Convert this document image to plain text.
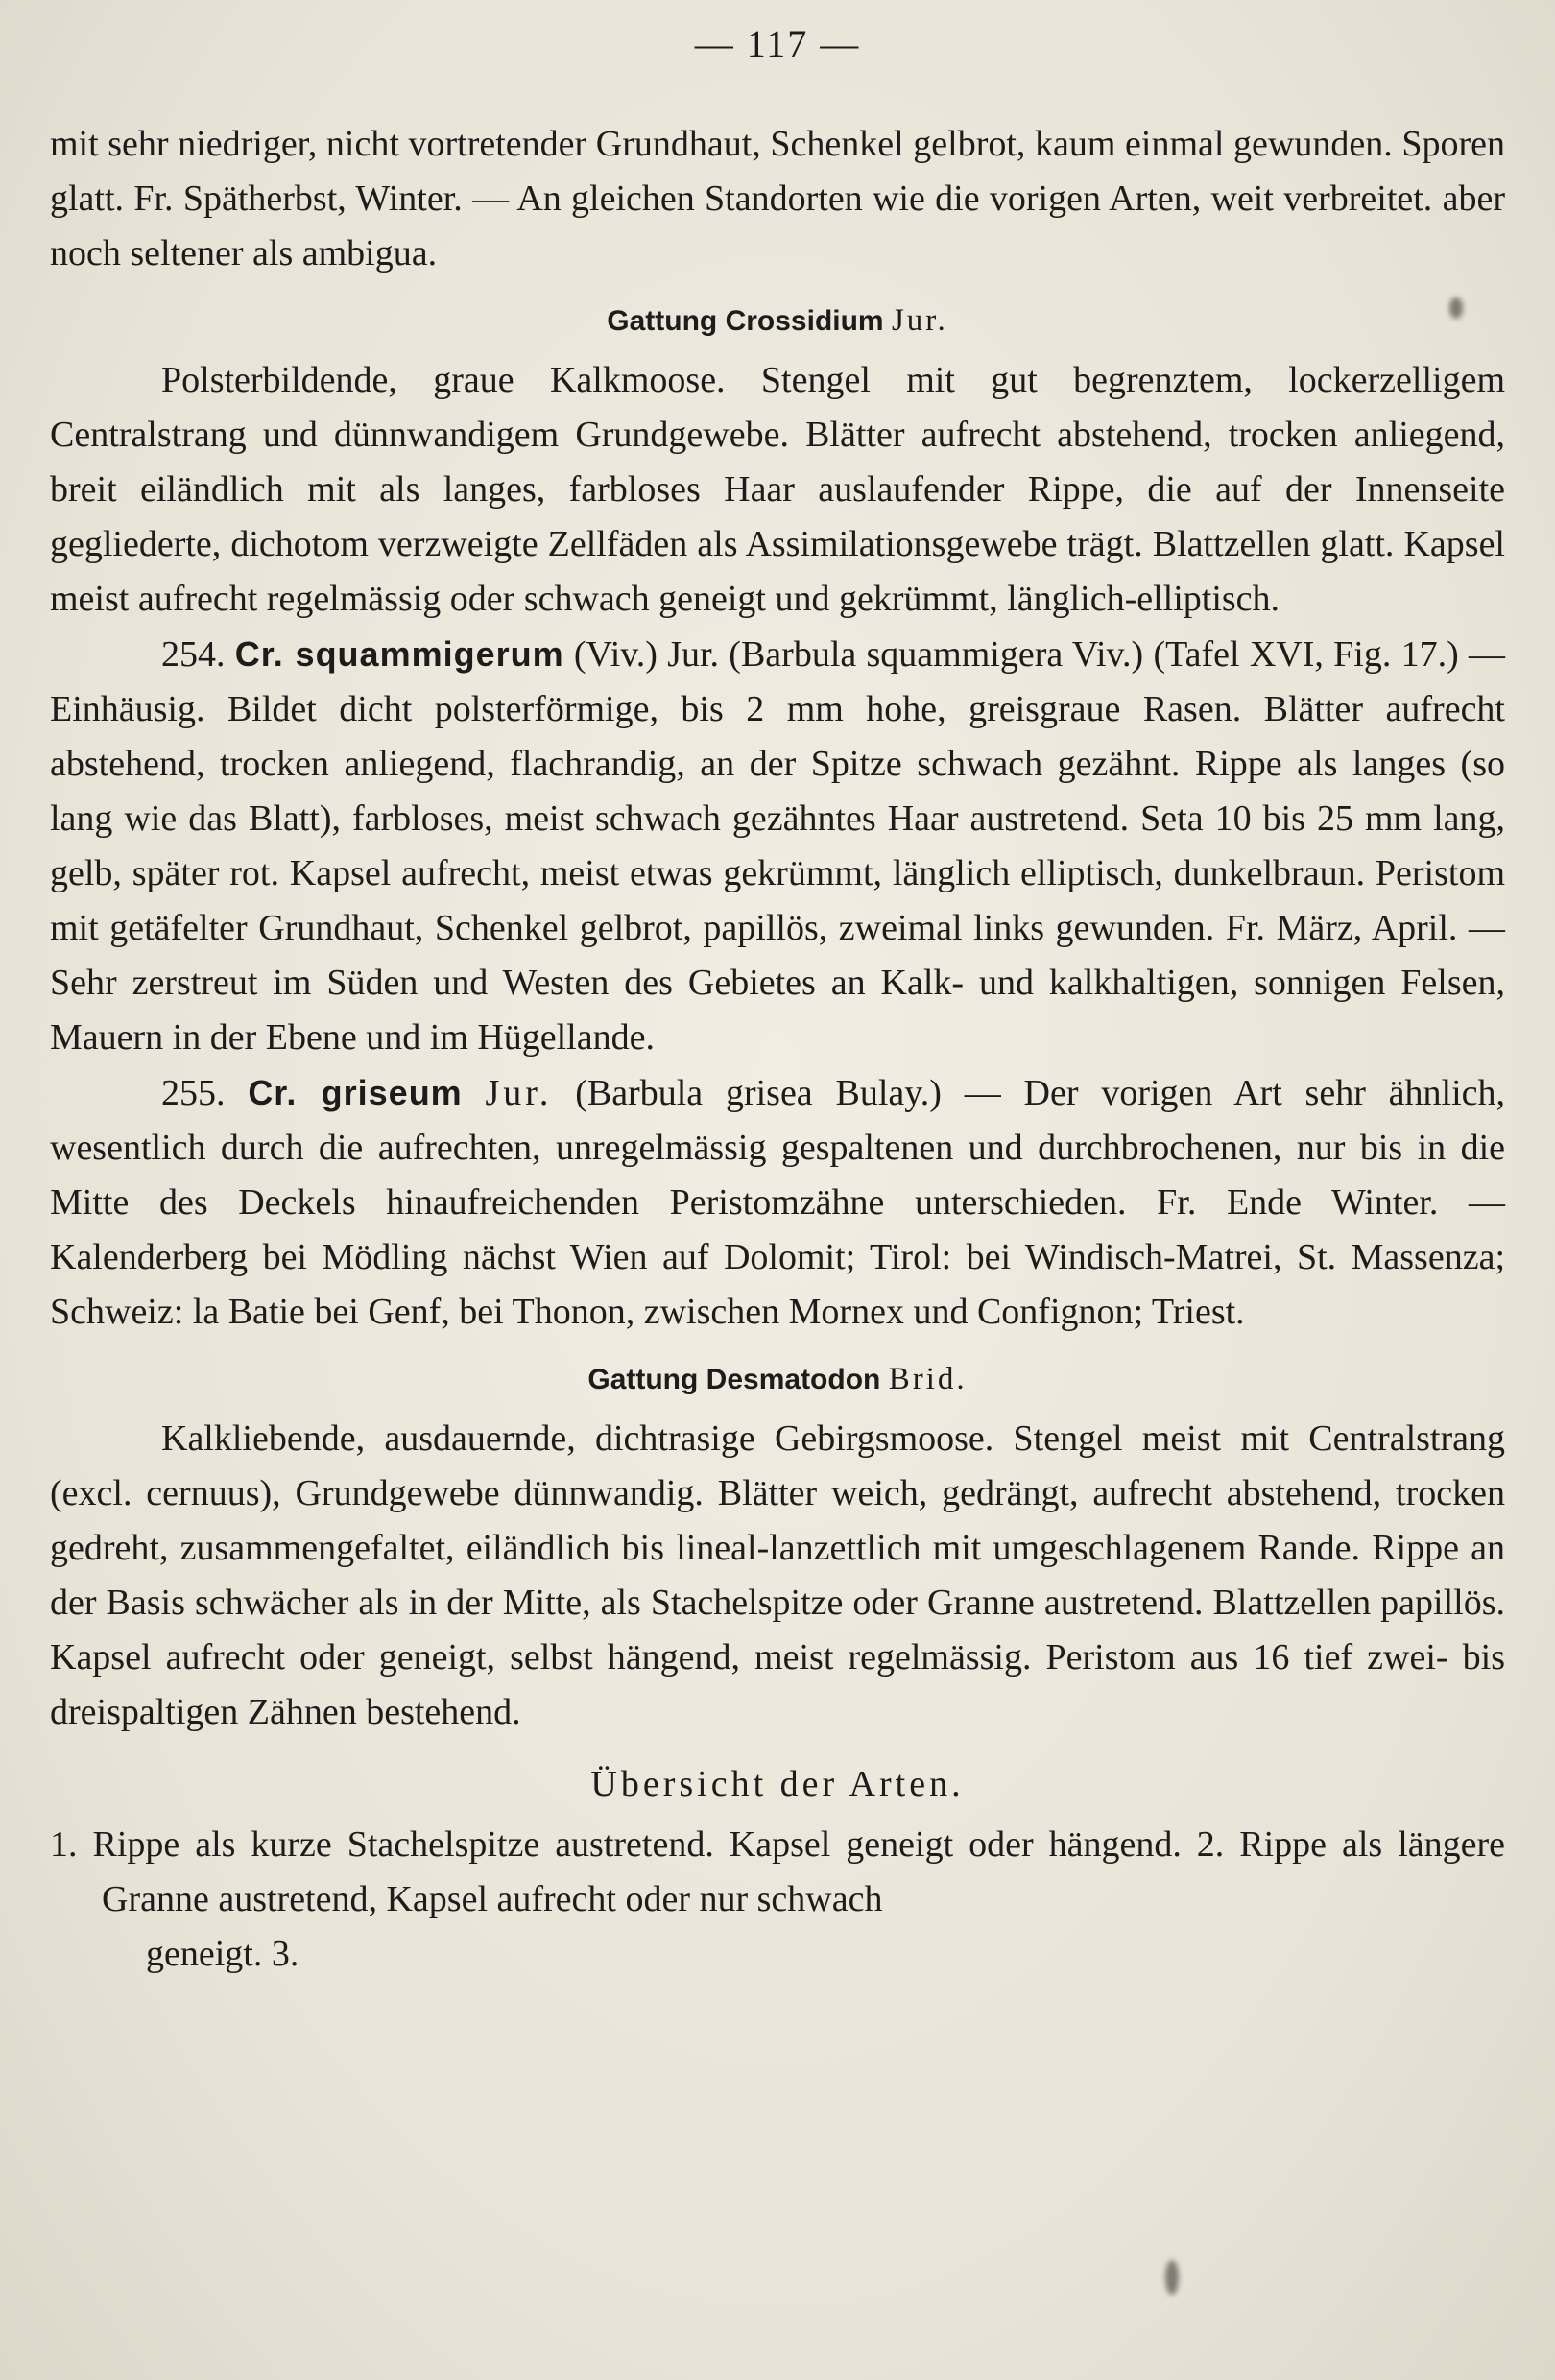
— 117 —

mit sehr niedriger, nicht vortretender Grundhaut, Schenkel gelbrot, kaum einmal gewunden. Sporen glatt. Fr. Spätherbst, Winter. — An gleichen Standorten wie die vorigen Arten, weit verbreitet. aber noch seltener als ambigua.

Gattung Crossidium Jur.

Polsterbildende, graue Kalkmoose. Stengel mit gut begrenztem, lockerzelligem Centralstrang und dünnwandigem Grundgewebe. Blätter aufrecht abstehend, trocken anliegend, breit eiländlich mit als langes, farbloses Haar auslaufender Rippe, die auf der Innenseite gegliederte, dichotom verzweigte Zellfäden als Assimilationsgewebe trägt. Blattzellen glatt. Kapsel meist aufrecht regelmässig oder schwach geneigt und gekrümmt, länglich-elliptisch.

254. Cr. squammigerum (Viv.) Jur. (Barbula squammigera Viv.) (Tafel XVI, Fig. 17.) — Einhäusig. Bildet dicht polsterförmige, bis 2 mm hohe, greisgraue Rasen. Blätter aufrecht abstehend, trocken anliegend, flachrandig, an der Spitze schwach gezähnt. Rippe als langes (so lang wie das Blatt), farbloses, meist schwach gezähntes Haar austretend. Seta 10 bis 25 mm lang, gelb, später rot. Kapsel aufrecht, meist etwas gekrümmt, länglich elliptisch, dunkelbraun. Peristom mit getäfelter Grundhaut, Schenkel gelbrot, papillös, zweimal links gewunden. Fr. März, April. — Sehr zerstreut im Süden und Westen des Gebietes an Kalk- und kalkhaltigen, sonnigen Felsen, Mauern in der Ebene und im Hügellande.

255. Cr. griseum Jur. (Barbula grisea Bulay.) — Der vorigen Art sehr ähnlich, wesentlich durch die aufrechten, unregelmässig gespaltenen und durchbrochenen, nur bis in die Mitte des Deckels hinaufreichenden Peristomzähne unterschieden. Fr. Ende Winter. — Kalenderberg bei Mödling nächst Wien auf Dolomit; Tirol: bei Windisch-Matrei, St. Massenza; Schweiz: la Batie bei Genf, bei Thonon, zwischen Mornex und Confignon; Triest.

Gattung Desmatodon Brid.

Kalkliebende, ausdauernde, dichtrasige Gebirgsmoose. Stengel meist mit Centralstrang (excl. cernuus), Grundgewebe dünnwandig. Blätter weich, gedrängt, aufrecht abstehend, trocken gedreht, zusammengefaltet, eiländlich bis lineal-lanzettlich mit umgeschlagenem Rande. Rippe an der Basis schwächer als in der Mitte, als Stachelspitze oder Granne austretend. Blattzellen papillös. Kapsel aufrecht oder geneigt, selbst hängend, meist regelmässig. Peristom aus 16 tief zwei- bis dreispaltigen Zähnen bestehend.

Übersicht der Arten.

1. Rippe als kurze Stachelspitze austretend. Kapsel geneigt oder hängend. 2. Rippe als längere Granne austretend, Kapsel aufrecht oder nur schwach

geneigt. 3.
